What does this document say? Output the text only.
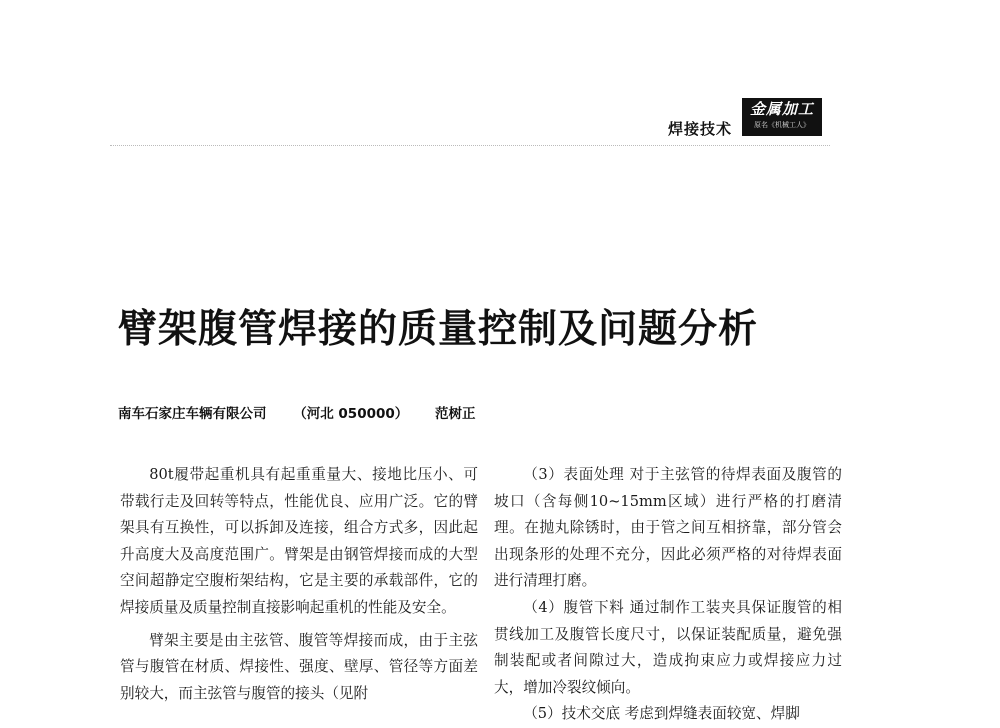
焊接技术
金属加工
原名《机械工人》
臂架腹管焊接的质量控制及问题分析
南车石家庄车辆有限公司 （河北 050000） 范树正

80t履带起重机具有起重重量大、接地比压小、可带载行走及回转等特点，性能优良、应用广泛。它的臂架具有互换性，可以拆卸及连接，组合方式多，因此起升高度大及高度范围广。臂架是由钢管焊接而成的大型空间超静定空腹桁架结构，它是主要的承载部件，它的焊接质量及质量控制直接影响起重机的性能及安全。

臂架主要是由主弦管、腹管等焊接而成，由于主弦管与腹管在材质、焊接性、强度、壁厚、管径等方面差别较大，而主弦管与腹管的接头（见附

（3）表面处理 对于主弦管的待焊表面及腹管的坡口（含每侧10~15mm区域）进行严格的打磨清理。在抛丸除锈时，由于管之间互相挤靠，部分管会出现条形的处理不充分，因此必须严格的对待焊表面进行清理打磨。

（4）腹管下料 通过制作工装夹具保证腹管的相贯线加工及腹管长度尺寸，以保证装配质量，避免强制装配或者间隙过大，造成拘束应力或焊接应力过大，增加冷裂纹倾向。

（5）技术交底 考虑到焊缝表面较宽、焊脚
